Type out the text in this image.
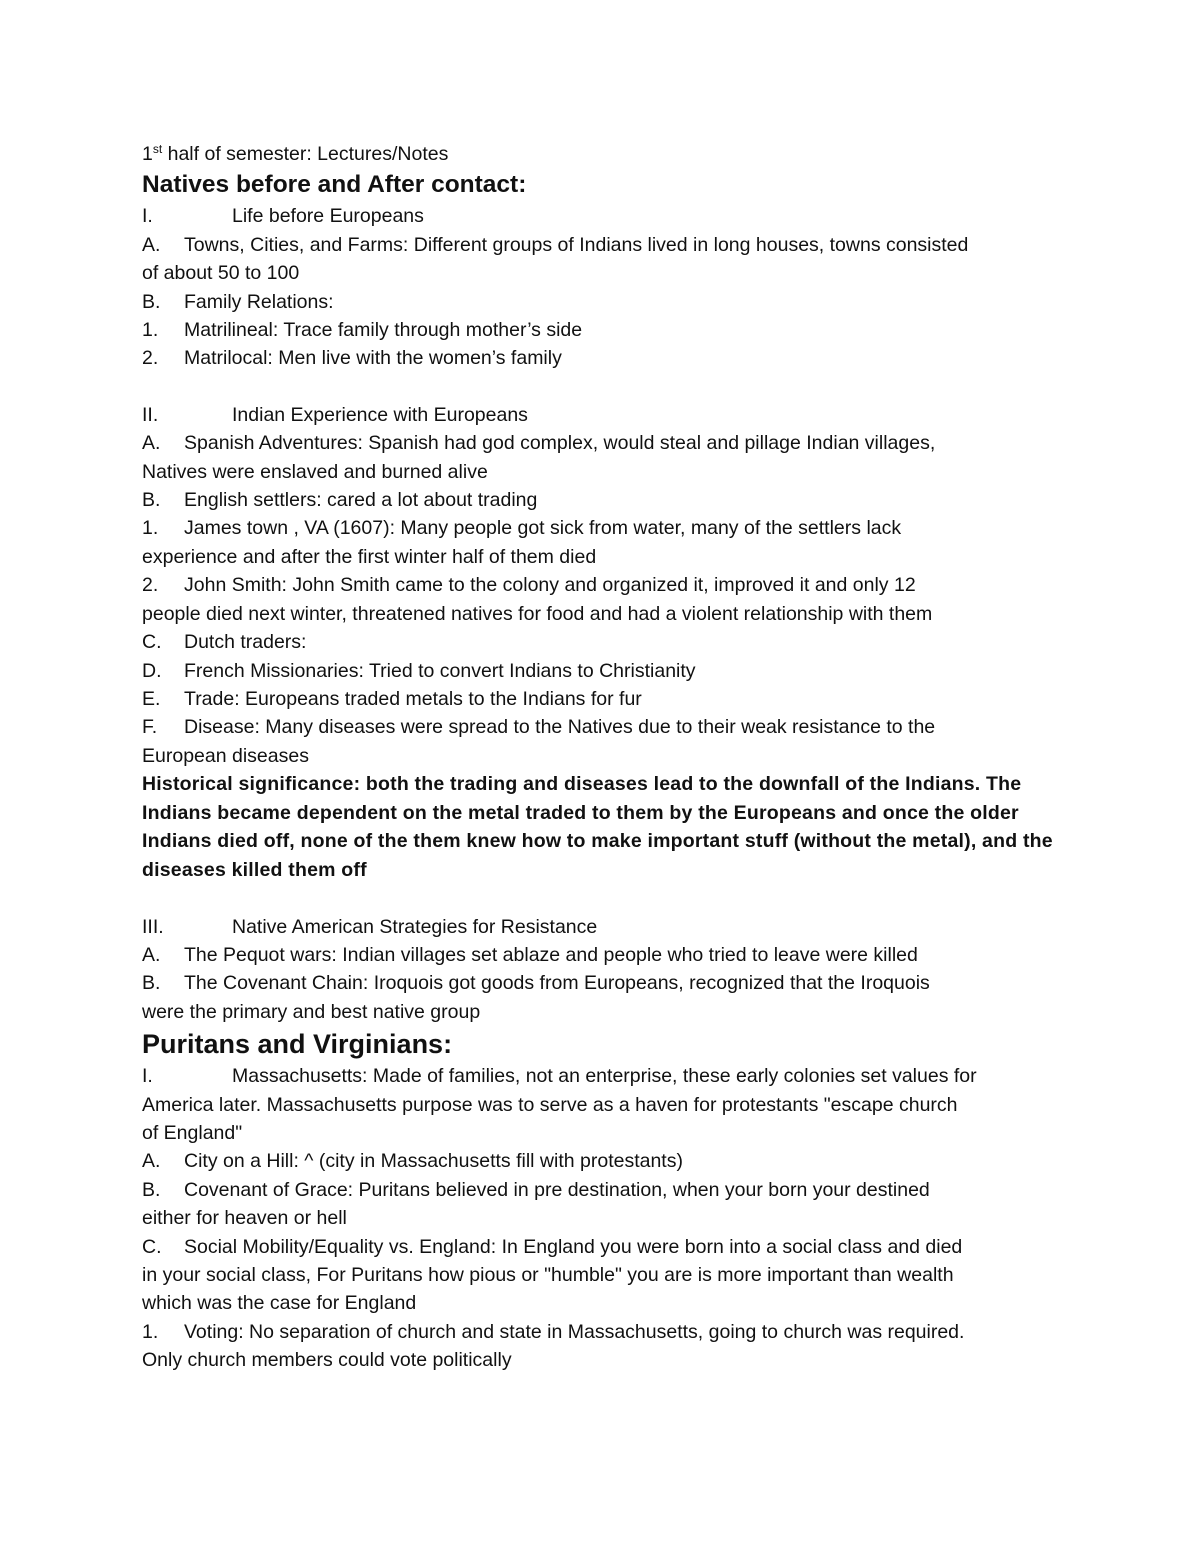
1st half of semester: Lectures/Notes
Natives before and After contact:
I.	Life before Europeans
A. Towns, Cities, and Farms: Different groups of Indians lived in long houses, towns consisted
of about 50 to 100
B. Family Relations:
1. Matrilineal: Trace family through mother’s side
2. Matrilocal: Men live with the women’s family
II.	Indian Experience with Europeans
A. Spanish Adventures: Spanish had god complex, would steal and pillage Indian villages,
Natives were enslaved and burned alive
B. English settlers: cared a lot about trading
1. James town , VA (1607): Many people got sick from water, many of the settlers lack
experience and after the first winter half of them died
2. John Smith: John Smith came to the colony and organized it, improved it and only 12
people died next winter, threatened natives for food and had a violent relationship with them
C. Dutch traders:
D. French Missionaries: Tried to convert Indians to Christianity
E. Trade: Europeans traded metals to the Indians for fur
F. Disease: Many diseases were spread to the Natives due to their weak resistance to the
European diseases
Historical significance: both the trading and diseases lead to the downfall of the Indians. The Indians became dependent on the metal traded to them by the Europeans and once the older Indians died off, none of the them knew how to make important stuff (without the metal), and the diseases killed them off
III.	Native American Strategies for Resistance
A. The Pequot wars: Indian villages set ablaze and people who tried to leave were killed
B. The Covenant Chain: Iroquois got goods from Europeans, recognized that the Iroquois
were the primary and best native group
Puritans and Virginians:
I.	Massachusetts: Made of families, not an enterprise, these early colonies set values for
America later. Massachusetts purpose was to serve as a haven for protestants "escape church
of England"
A. City on a Hill: ^ (city in Massachusetts fill with protestants)
B. Covenant of Grace: Puritans believed in pre destination, when your born your destined
either for heaven or hell
C. Social Mobility/Equality vs. England: In England you were born into a social class and died
in your social class, For Puritans how pious or "humble" you are is more important than wealth
which was the case for England
1. Voting: No separation of church and state in Massachusetts, going to church was required.
Only church members could vote politically
